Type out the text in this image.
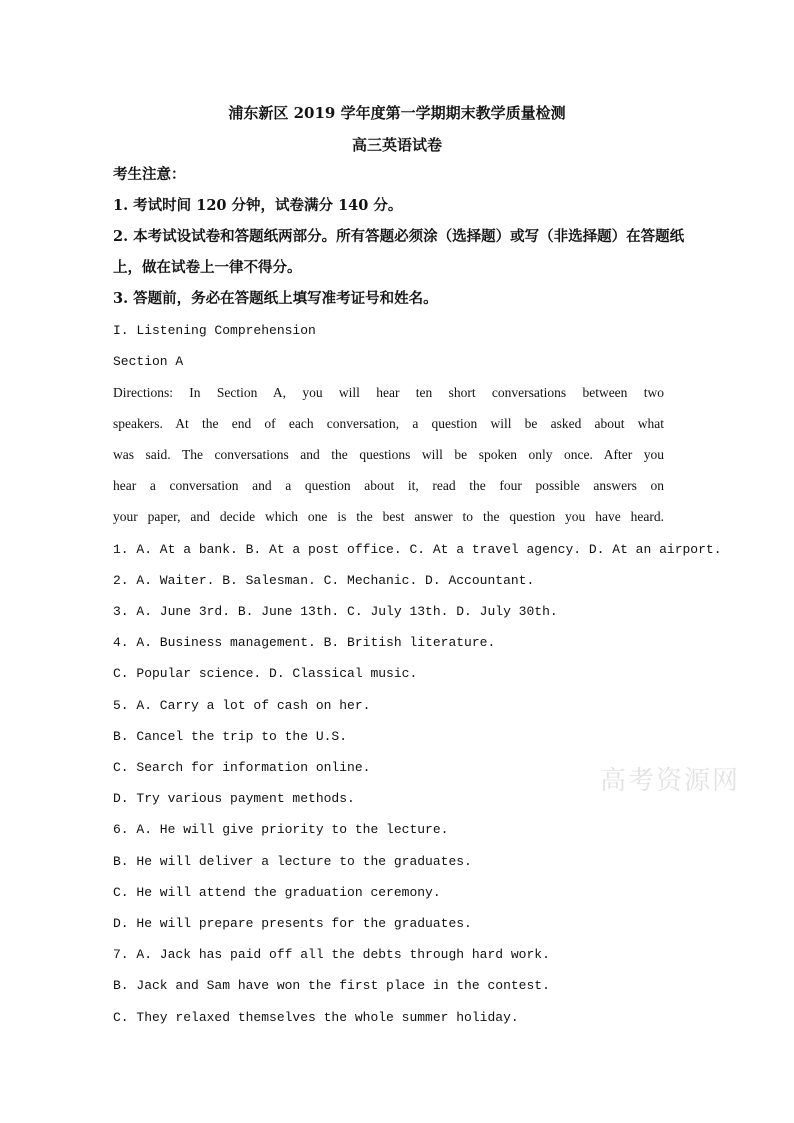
浦东新区 2019 学年度第一学期期末教学质量检测
高三英语试卷
考生注意：
1. 考试时间 120 分钟，试卷满分 140 分。
2. 本考试设试卷和答题纸两部分。所有答题必须涂（选择题）或写（非选择题）在答题纸
上，做在试卷上一律不得分。
3. 答题前，务必在答题纸上填写准考证号和姓名。
I. Listening Comprehension
Section A
Directions: In Section A, you will hear ten short conversations between two
speakers. At the end of each conversation, a question will be asked about what
was said. The conversations and the questions will be spoken only once. After you
hear a conversation and a question about it, read the four possible answers on
your paper, and decide which one is the best answer to the question you have heard.
1. A. At a bank. B. At a post office. C. At a travel agency. D. At an airport.
2. A. Waiter. B. Salesman. C. Mechanic. D. Accountant.
3. A. June 3rd. B. June 13th. C. July 13th. D. July 30th.
4. A. Business management. B. British literature.
C. Popular science. D. Classical music.
5. A. Carry a lot of cash on her.
B. Cancel the trip to the U.S.
C. Search for information online.
D. Try various payment methods.
6. A. He will give priority to the lecture.
B. He will deliver a lecture to the graduates.
C. He will attend the graduation ceremony.
D. He will prepare presents for the graduates.
7. A. Jack has paid off all the debts through hard work.
B. Jack and Sam have won the first place in the contest.
C. They relaxed themselves the whole summer holiday.
高考资源网
